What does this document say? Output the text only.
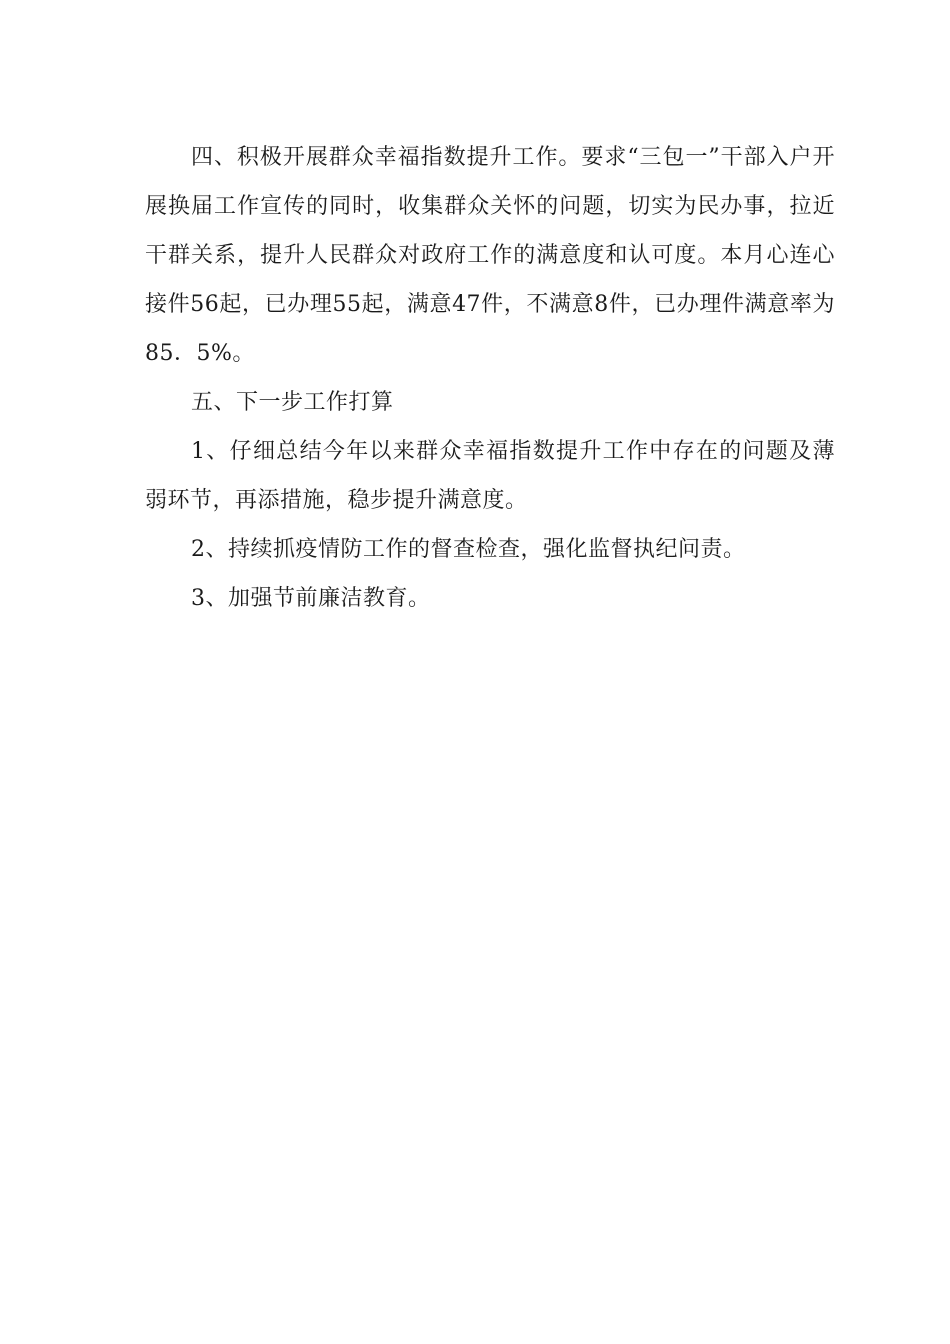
四、积极开展群众幸福指数提升工作。要求“三包一”干部入户开展换届工作宣传的同时，收集群众关怀的问题，切实为民办事，拉近干群关系，提升人民群众对政府工作的满意度和认可度。本月心连心接件56起，已办理55起，满意47件，不满意8件，已办理件满意率为85．5%。

五、下一步工作打算

1、仔细总结今年以来群众幸福指数提升工作中存在的问题及薄弱环节，再添措施，稳步提升满意度。

2、持续抓疫情防工作的督查检查，强化监督执纪问责。

3、加强节前廉洁教育。
